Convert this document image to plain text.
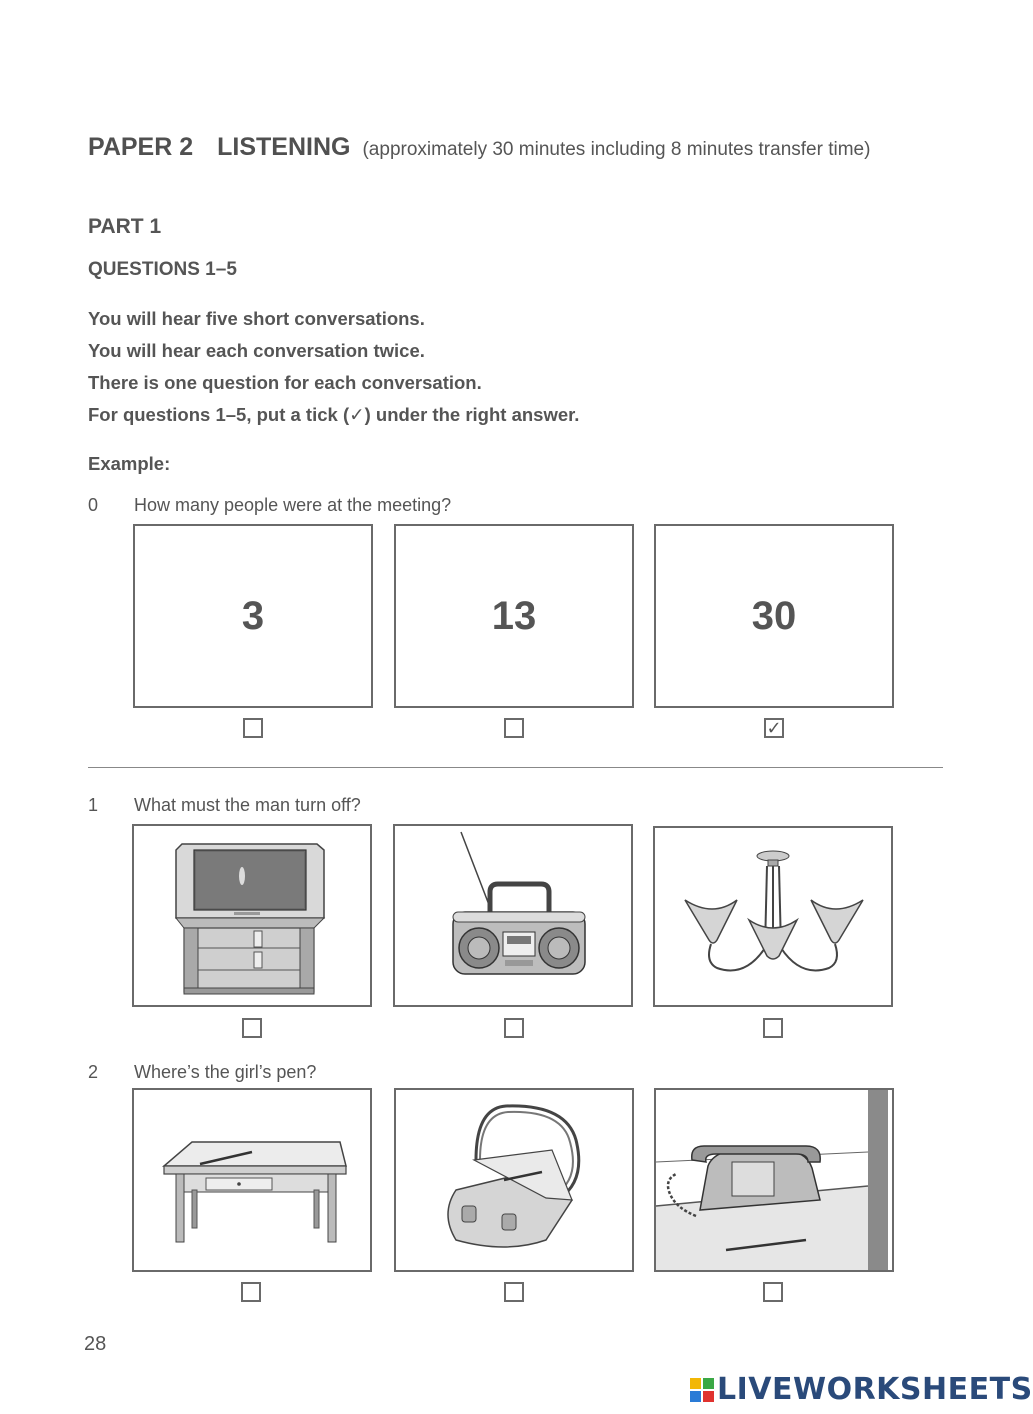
PAPER 2 LISTENING (approximately 30 minutes including 8 minutes transfer time)
PART 1
QUESTIONS 1–5
You will hear five short conversations.
You will hear each conversation twice.
There is one question for each conversation.
For questions 1–5, put a tick (✓) under the right answer.
Example:
0 How many people were at the meeting?
3	13	30
✓
1 What must the man turn off?
2 Where’s the girl’s pen?
28
LIVEWORKSHEETS
